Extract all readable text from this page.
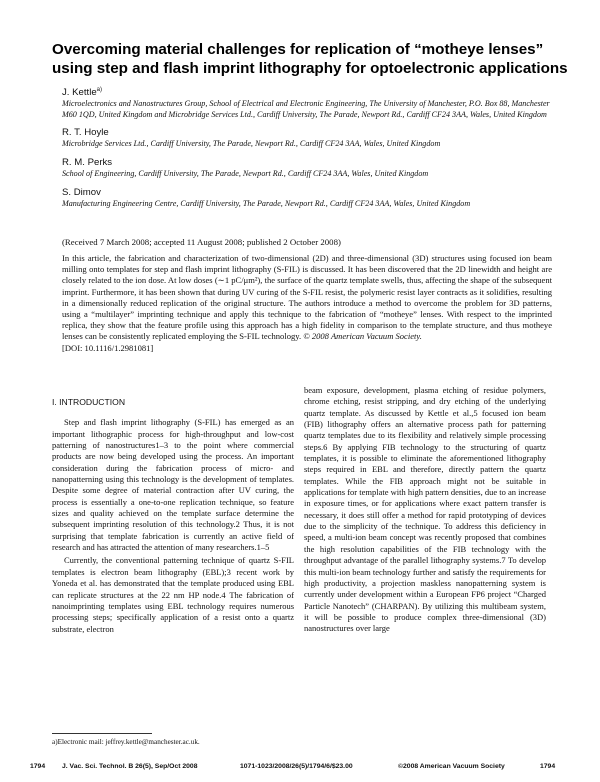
Overcoming material challenges for replication of “motheye lenses” using step and flash imprint lithography for optoelectronic applications
J. Kettle$^{a)}$
Microelectronics and Nanostructures Group, School of Electrical and Electronic Engineering, The University of Manchester, P.O. Box 88, Manchester M60 1QD, United Kingdom and Microbridge Services Ltd., Cardiff University, The Parade, Newport Rd., Cardiff CF24 3AA, Wales, United Kingdom
R. T. Hoyle
Microbridge Services Ltd., Cardiff University, The Parade, Newport Rd., Cardiff CF24 3AA, Wales, United Kingdom
R. M. Perks
School of Engineering, Cardiff University, The Parade, Newport Rd., Cardiff CF24 3AA, Wales, United Kingdom
S. Dimov
Manufacturing Engineering Centre, Cardiff University, The Parade, Newport Rd., Cardiff CF24 3AA, Wales, United Kingdom
(Received 7 March 2008; accepted 11 August 2008; published 2 October 2008)
In this article, the fabrication and characterization of two-dimensional (2D) and three-dimensional (3D) structures using focused ion beam milling onto templates for step and flash imprint lithography (S-FIL) is discussed. It has been discovered that the 2D linewidth and height are closely related to the ion dose. At low doses (∼1 pC/μm²), the surface of the quartz template swells, thus, affecting the shape of the subsequent imprint. Furthermore, it has been shown that during UV curing of the S-FIL resist, the polymeric resist layer contracts as it solidifies, resulting in a dimensionally reduced replication of the original structure. The authors introduce a method to overcome the problem for 3D patterns, using a “multilayer” imprinting technique and apply this technique to the fabrication of “motheye” lenses. With respect to the imprinted replica, they show that the feature profile using this approach has a high fidelity in comparison to the template structure, and thus motheye lenses can be consistently replicated employing the S-FIL technology. © 2008 American Vacuum Society.
[DOI: 10.1116/1.2981081]
I. INTRODUCTION

Step and flash imprint lithography (S-FIL) has emerged as an important lithographic process for high-throughput and low-cost patterning of nanostructures1–3 to the point where commercial products are now being developed using the process. An important consideration during the fabrication process of micro- and nanopatterning using this technology is the development of templates. Despite some degree of material contraction after UV curing, the process is essentially a one-to-one replication technique, so feature sizes and quality achieved on the template surface determine the subsequent imprinting resolution of this technology.2 Thus, it is not surprising that template fabrication is currently an active field of research and has attracted the attention of many researchers.1–5

Currently, the conventional patterning technique of quartz S-FIL templates is electron beam lithography (EBL);3 recent work by Yoneda et al. has demonstrated that the template produced using EBL can replicate structures at the 22 nm HP node.4 The fabrication of nanoimprinting templates using EBL technology requires numerous processing steps; specifically application of a resist onto a quartz substrate, electron

beam exposure, development, plasma etching of residue polymers, chrome etching, resist stripping, and dry etching of the underlying quartz template. As discussed by Kettle et al.,5 focused ion beam (FIB) lithography offers an alternative process path for patterning quartz templates due to its flexibility and relatively simple processing steps.6 By applying FIB technology to the structuring of quartz templates, it is possible to eliminate the aforementioned lithography steps required in EBL and therefore, directly pattern the quartz templates. While the FIB approach might not be suitable in applications for template with high pattern densities, due to an increase in exposure times, or for applications where exact pattern transfer is necessary, it does still offer a method for rapid prototyping of devices due to the simplicity of the technique. To address this deficiency in speed, a multi-ion beam concept was recently proposed that combines the high resolution capabilities of the FIB technology with the throughput advantage of the parallel lithography systems.7 To develop this multi-ion beam technology further and satisfy the requirements for high productivity, a projection maskless nanopatterning system is currently under development within a European FP6 project “Charged Particle Nanotech” (CHARPAN). By utilizing this multibeam system, it will be possible to produce complex three-dimensional (3D) nanostructures over large

a)Electronic mail: jeffrey.kettle@manchester.ac.uk.
1794 J. Vac. Sci. Technol. B 26(5), Sep/Oct 2008	1071-1023/2008/26(5)/1794/6/$23.00	©2008 American Vacuum Society	1794
